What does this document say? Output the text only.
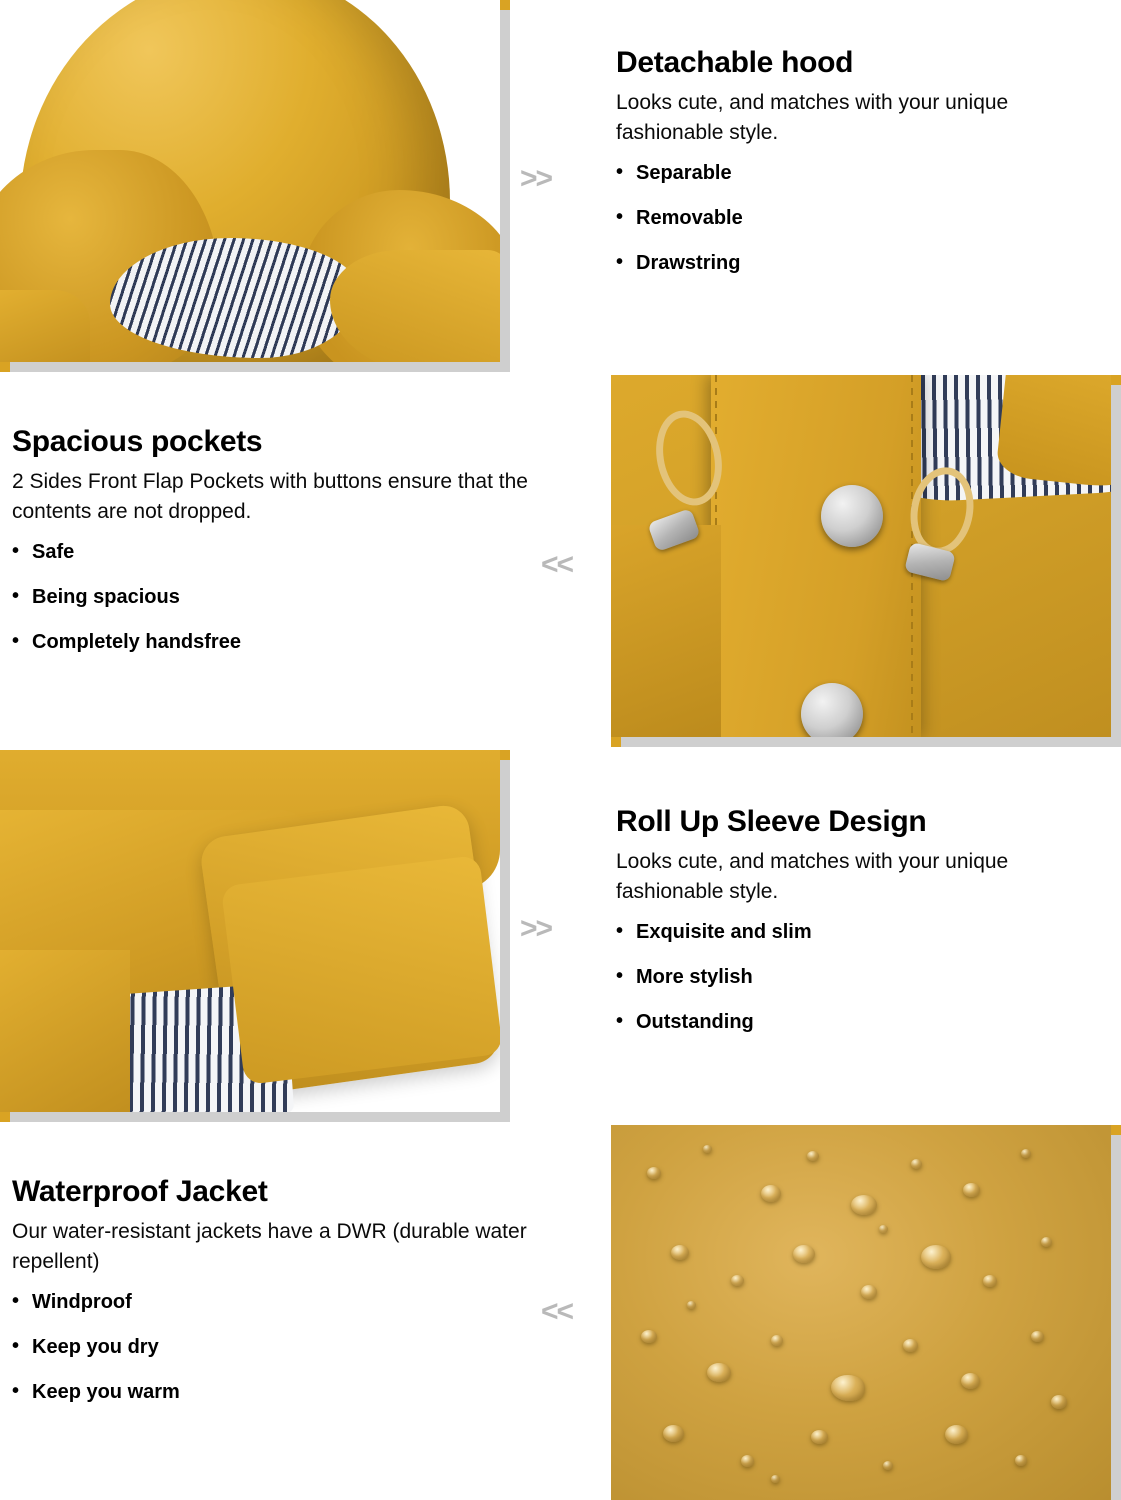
>>
Detachable hood

Looks cute, and matches with your unique fashionable style.

• Separable
• Removable
• Drawstring
Spacious pockets

2 Sides Front Flap Pockets with buttons ensure that the contents are not dropped.

• Safe
• Being spacious
• Completely handsfree
<<
>>
Roll Up Sleeve Design

Looks cute, and matches with your unique fashionable style.

• Exquisite and slim
• More stylish
• Outstanding
Waterproof Jacket

Our water-resistant jackets have a DWR (durable water repellent)

• Windproof
• Keep you dry
• Keep you warm
<<
